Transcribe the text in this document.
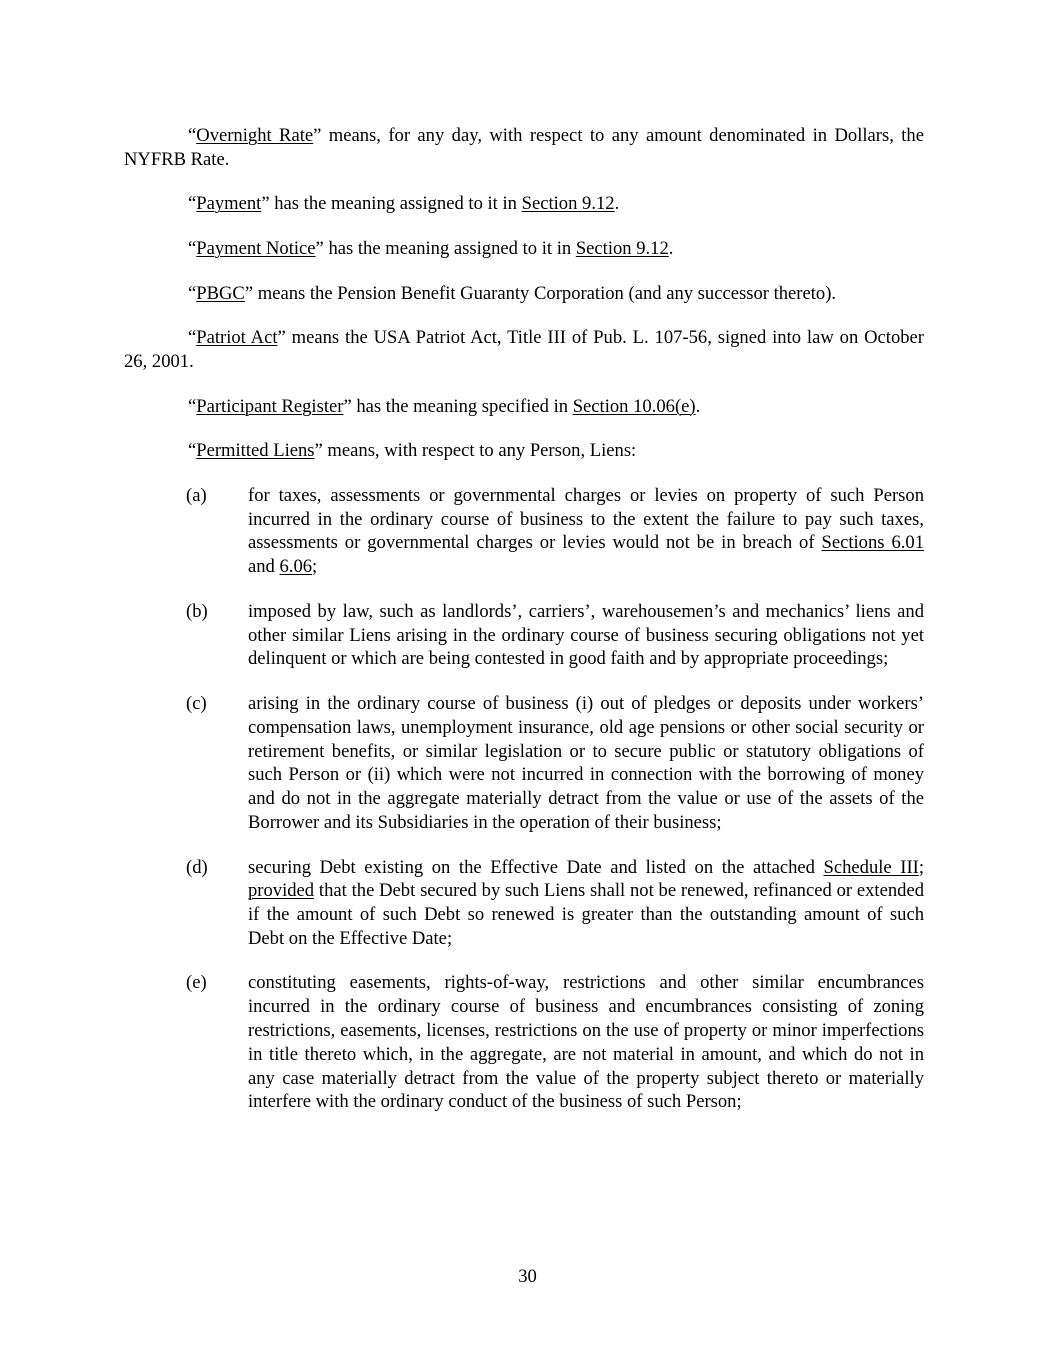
“Overnight Rate” means, for any day, with respect to any amount denominated in Dollars, the NYFRB Rate.

“Payment” has the meaning assigned to it in Section 9.12.

“Payment Notice” has the meaning assigned to it in Section 9.12.

“PBGC” means the Pension Benefit Guaranty Corporation (and any successor thereto).

“Patriot Act” means the USA Patriot Act, Title III of Pub. L. 107-56, signed into law on October 26, 2001.

“Participant Register” has the meaning specified in Section 10.06(e).

“Permitted Liens” means, with respect to any Person, Liens:

(a) for taxes, assessments or governmental charges or levies on property of such Person incurred in the ordinary course of business to the extent the failure to pay such taxes, assessments or governmental charges or levies would not be in breach of Sections 6.01 and 6.06;
(b) imposed by law, such as landlords’, carriers’, warehousemen’s and mechanics’ liens and other similar Liens arising in the ordinary course of business securing obligations not yet delinquent or which are being contested in good faith and by appropriate proceedings;
(c) arising in the ordinary course of business (i) out of pledges or deposits under workers’ compensation laws, unemployment insurance, old age pensions or other social security or retirement benefits, or similar legislation or to secure public or statutory obligations of such Person or (ii) which were not incurred in connection with the borrowing of money and do not in the aggregate materially detract from the value or use of the assets of the Borrower and its Subsidiaries in the operation of their business;
(d) securing Debt existing on the Effective Date and listed on the attached Schedule III; provided that the Debt secured by such Liens shall not be renewed, refinanced or extended if the amount of such Debt so renewed is greater than the outstanding amount of such Debt on the Effective Date;
(e) constituting easements, rights-of-way, restrictions and other similar encumbrances incurred in the ordinary course of business and encumbrances consisting of zoning restrictions, easements, licenses, restrictions on the use of property or minor imperfections in title thereto which, in the aggregate, are not material in amount, and which do not in any case materially detract from the value of the property subject thereto or materially interfere with the ordinary conduct of the business of such Person;
30
